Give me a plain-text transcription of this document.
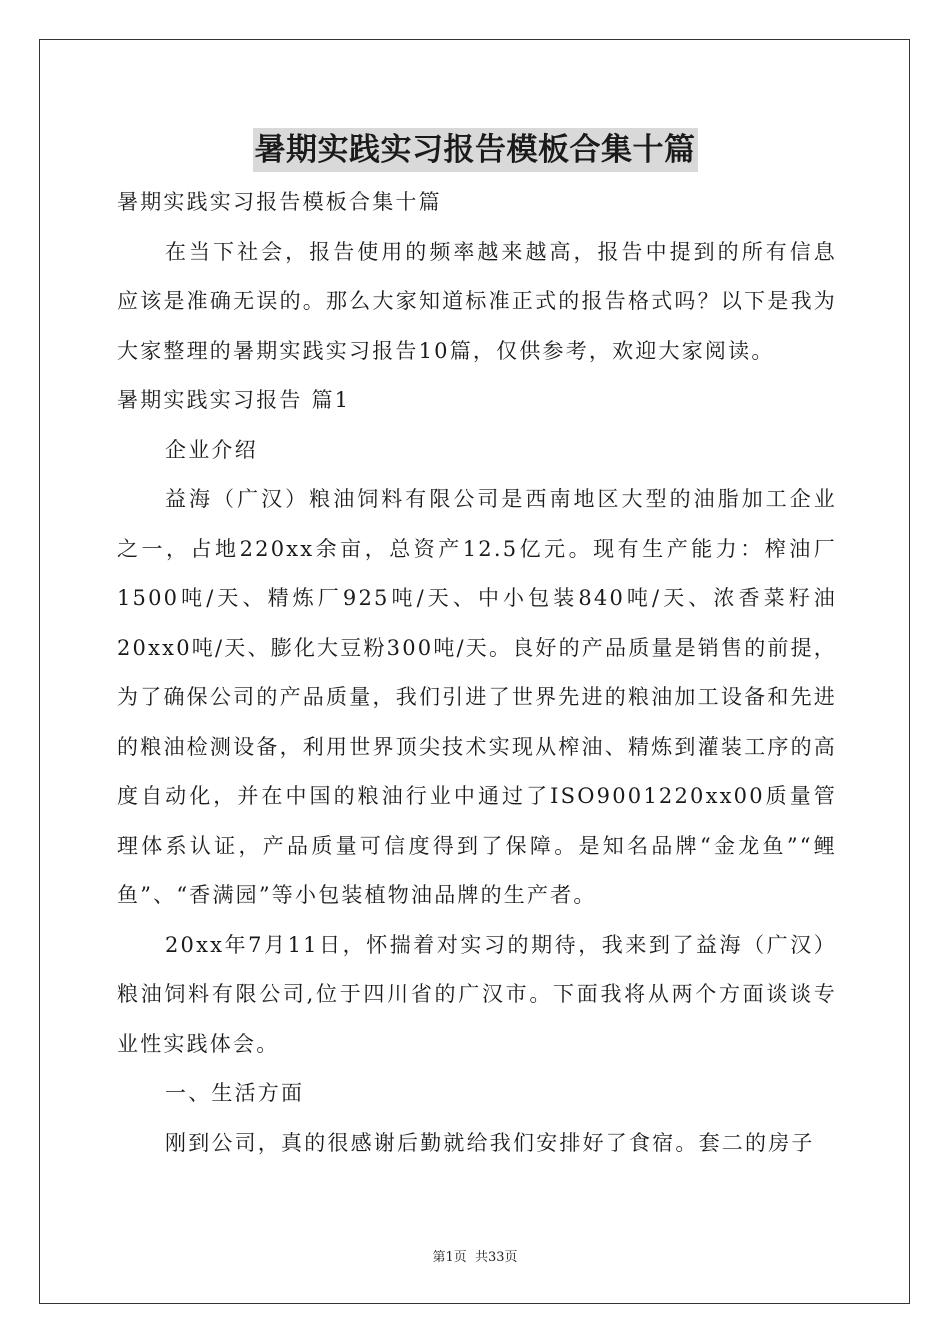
暑期实践实习报告模板合集十篇

暑期实践实习报告模板合集十篇

在当下社会，报告使用的频率越来越高，报告中提到的所有信息应该是准确无误的。那么大家知道标准正式的报告格式吗？以下是我为大家整理的暑期实践实习报告10篇，仅供参考，欢迎大家阅读。

暑期实践实习报告 篇1

企业介绍

益海（广汉）粮油饲料有限公司是西南地区大型的油脂加工企业之一，占地220xx余亩，总资产12.5亿元。现有生产能力：榨油厂1500吨/天、精炼厂925吨/天、中小包装840吨/天、浓香菜籽油20xx0吨/天、膨化大豆粉300吨/天。良好的产品质量是销售的前提，为了确保公司的产品质量，我们引进了世界先进的粮油加工设备和先进的粮油检测设备，利用世界顶尖技术实现从榨油、精炼到灌装工序的高度自动化，并在中国的粮油行业中通过了ISO9001220xx00质量管理体系认证，产品质量可信度得到了保障。是知名品牌“金龙鱼”“鲤鱼”、“香满园”等小包装植物油品牌的生产者。

20xx年7月11日，怀揣着对实习的期待，我来到了益海（广汉）粮油饲料有限公司,位于四川省的广汉市。下面我将从两个方面谈谈专业性实践体会。

一、生活方面

刚到公司，真的很感谢后勤就给我们安排好了食宿。套二的房子

第1页 共33页
